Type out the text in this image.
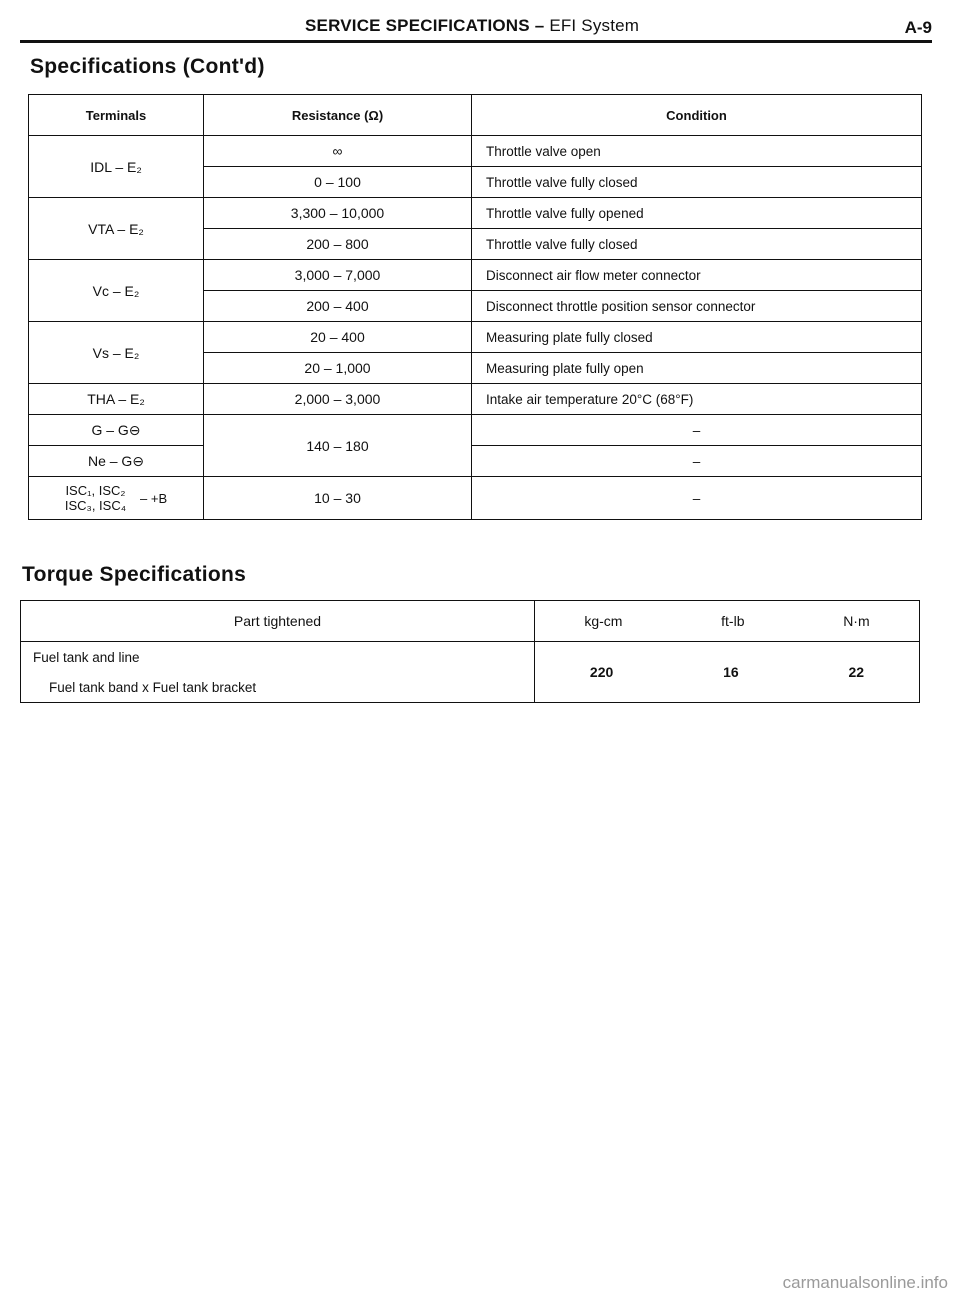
SERVICE SPECIFICATIONS – EFI System	A-9
Specifications (Cont'd)
Terminals	Resistance (Ω)	Condition
IDL – E₂	∞	Throttle valve open
	0 – 100	Throttle valve fully closed
VTA – E₂	3,300 – 10,000	Throttle valve fully opened
	200 – 800	Throttle valve fully closed
Vc – E₂	3,000 – 7,000	Disconnect air flow meter connector
	200 – 400	Disconnect throttle position sensor connector
Vs – E₂	20 – 400	Measuring plate fully closed
	20 – 1,000	Measuring plate fully open
THA – E₂	2,000 – 3,000	Intake air temperature 20°C (68°F)
G – G⊖	140 – 180	–
Ne – G⊖		–

ISC₁, ISC₂
ISC₃, ISC₄ – +B	10 – 30	–
Torque Specifications
Part tightened	kg-cm ft-lb N·m

Fuel tank and line	220 16 22

Fuel tank band x Fuel tank bracket	
carmanualsonline.info
